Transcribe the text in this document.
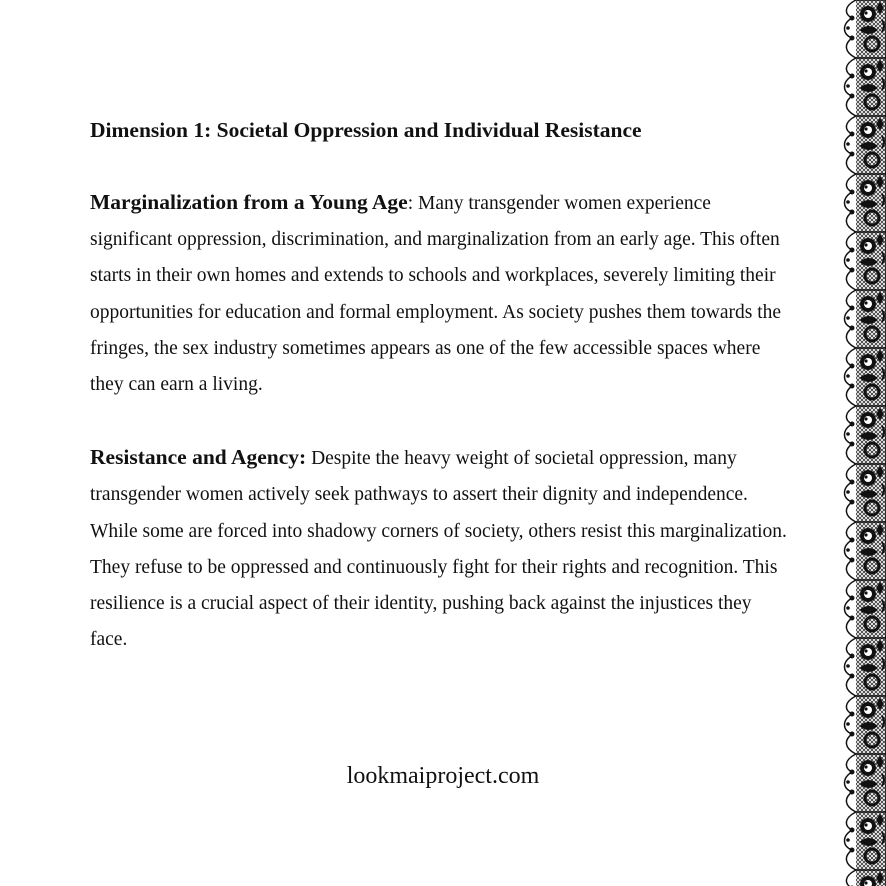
Dimension 1: Societal Oppression and Individual Resistance

Marginalization from a Young Age: Many transgender women experience significant oppression, discrimination, and marginalization from an early age. This often starts in their own homes and extends to schools and workplaces, severely limiting their opportunities for education and formal employment. As society pushes them towards the fringes, the sex industry sometimes appears as one of the few accessible spaces where they can earn a living.

Resistance and Agency: Despite the heavy weight of societal oppression, many transgender women actively seek pathways to assert their dignity and independence. While some are forced into shadowy corners of society, others resist this marginalization. They refuse to be oppressed and continuously fight for their rights and recognition. This resilience is a crucial aspect of their identity, pushing back against the injustices they face.

lookmaiproject.com
